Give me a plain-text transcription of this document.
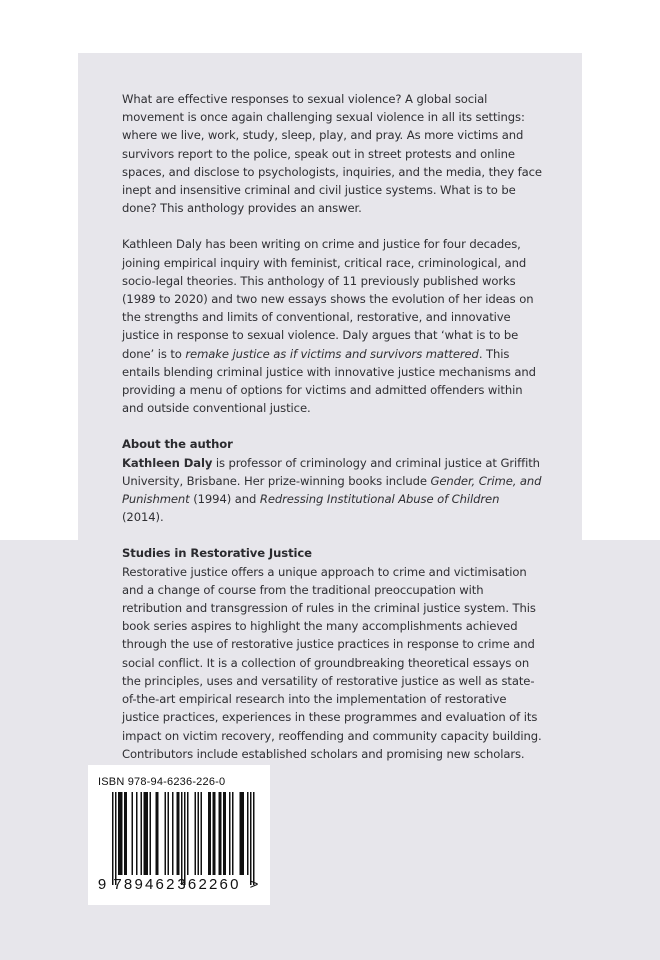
What are effective responses to sexual violence? A global social movement is once again challenging sexual violence in all its settings: where we live, work, study, sleep, play, and pray. As more victims and survivors report to the police, speak out in street protests and online spaces, and disclose to psychologists, inquiries, and the media, they face inept and insensitive criminal and civil justice systems. What is to be done? This anthology provides an answer.

Kathleen Daly has been writing on crime and justice for four decades, joining empirical inquiry with feminist, critical race, criminological, and socio-legal theories. This anthology of 11 previously published works (1989 to 2020) and two new essays shows the evolution of her ideas on the strengths and limits of conventional, restorative, and innovative justice in response to sexual violence. Daly argues that ‘what is to be done’ is to remake justice as if victims and survivors mattered. This entails blending criminal justice with innovative justice mechanisms and providing a menu of options for victims and admitted offenders within and outside conventional justice.

About the author

Kathleen Daly is professor of criminology and criminal justice at Griffith University, Brisbane. Her prize-winning books include Gender, Crime, and Punishment (1994) and Redressing Institutional Abuse of Children (2014).

Studies in Restorative Justice

Restorative justice offers a unique approach to crime and victimisation and a change of course from the traditional preoccupation with retribution and transgression of rules in the criminal justice system. This book series aspires to highlight the many accomplishments achieved through the use of restorative justice practices in response to crime and social conflict. It is a collection of groundbreaking theoretical essays on the principles, uses and versatility of restorative justice as well as state-of-the-art empirical research into the implementation of restorative justice practices, experiences in these programmes and evaluation of its impact on victim recovery, reoffending and community capacity building. Contributors include established scholars and promising new scholars.

ISBN 978-94-6236-226-0
9 789462 362260 >
